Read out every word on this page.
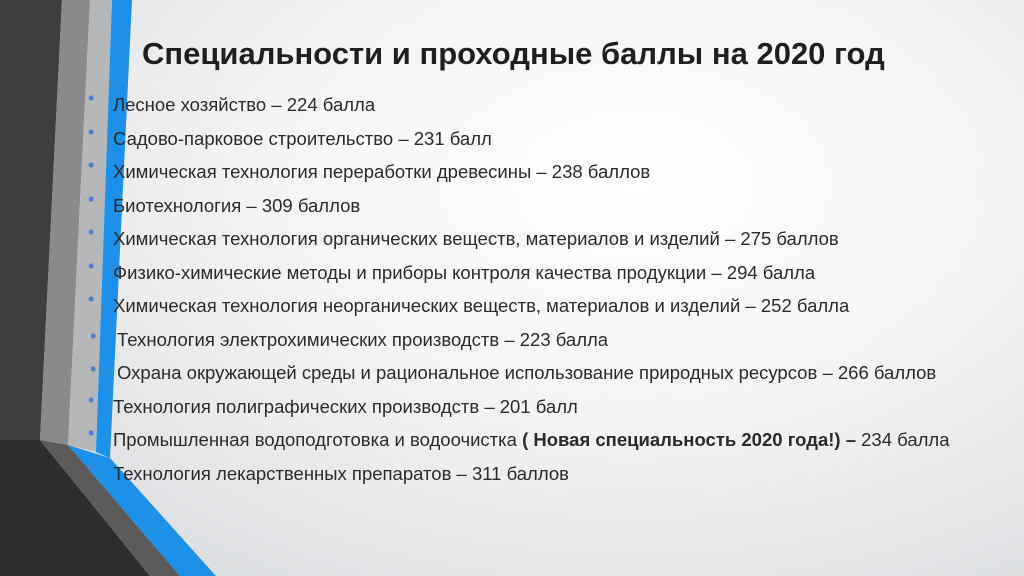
Специальности и проходные баллы на 2020 год
• Лесное хозяйство – 224 балла
• Садово-парковое строительство – 231 балл
• Химическая технология переработки древесины – 238 баллов
• Биотехнология – 309 баллов
• Химическая технология органических веществ, материалов и изделий – 275 баллов
• Физико-химические методы и приборы контроля качества продукции – 294 балла
• Химическая технология неорганических веществ, материалов и изделий – 252 балла
• Технология электрохимических производств – 223 балла
• Охрана окружающей среды и рациональное использование природных ресурсов – 266 баллов
• Технология полиграфических производств – 201 балл
• Промышленная водоподготовка и водоочистка ( Новая специальность 2020 года!) – 234 балла
• Технология лекарственных препаратов – 311 баллов
